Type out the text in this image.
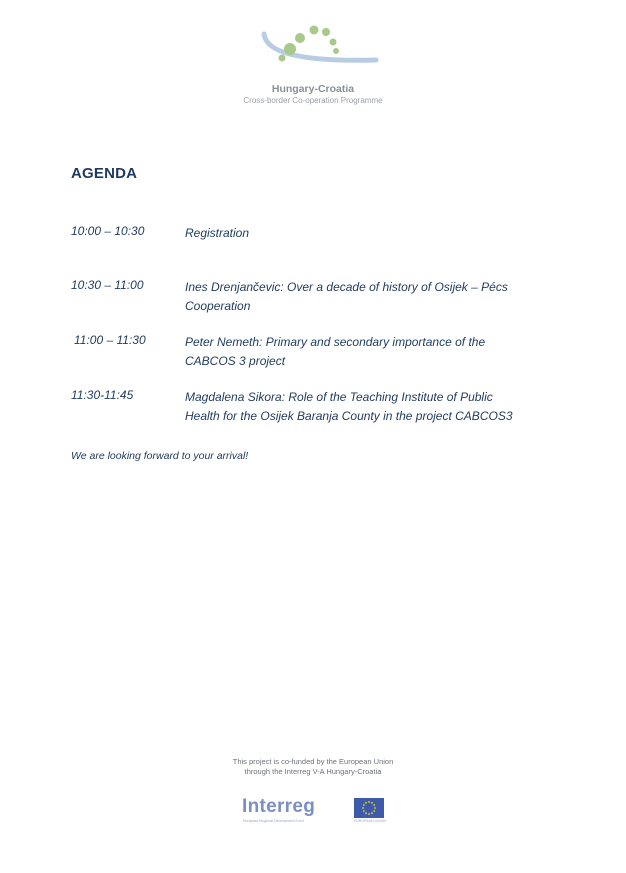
Hungary-Croatia
Cross-border Co-operation Programme
AGENDA
10:00 – 10:30	Registration
10:30 – 11:00	Ines Drenjančevic: Over a decade of history of Osijek – Pécs
Cooperation
11:00 – 11:30	Peter Nemeth: Primary and secondary importance of the
CABCOS 3 project
11:30-11:45	Magdalena Sikora: Role of the Teaching Institute of Public
Health for the Osijek Baranja County in the project CABCOS3
We are looking forward to your arrival!
This project is co-funded by the European Union
through the Interreg V-A Hungary-Croatia
Interreg
European Regional Development Fund	EUROPEAN UNION
